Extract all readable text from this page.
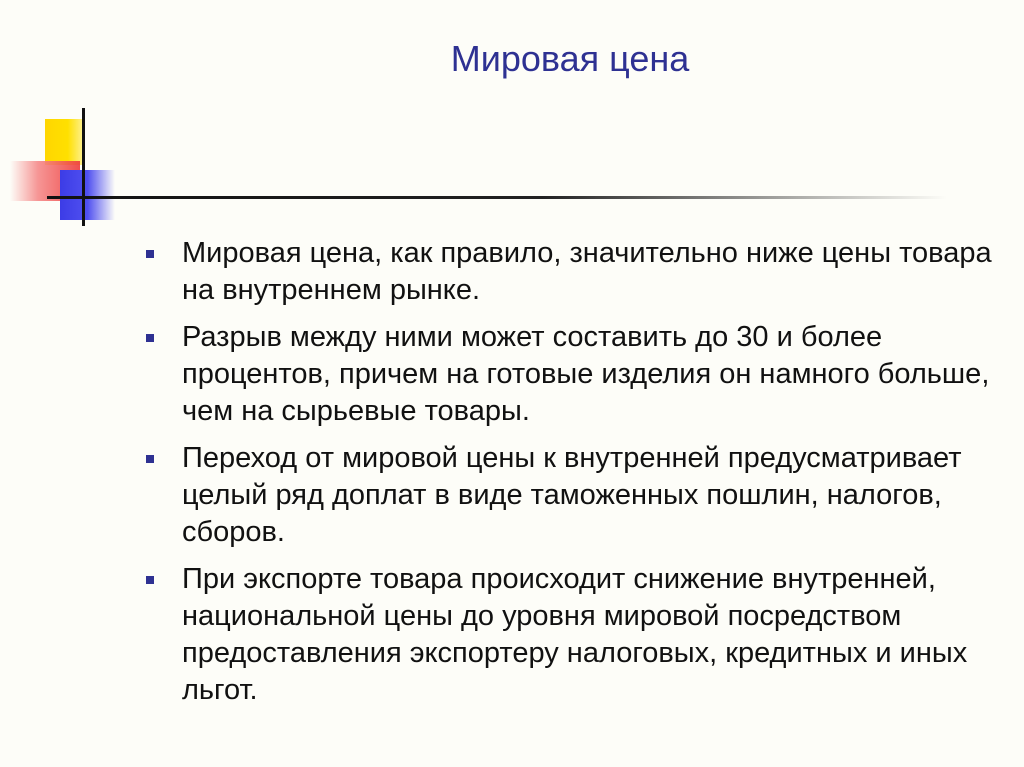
Мировая цена
Мировая цена, как правило, значительно ниже цены товара на внутреннем рынке.
Разрыв между ними может составить до 30 и более процентов, причем на готовые изделия он намного больше, чем на сырьевые товары.
Переход от мировой цены к внутренней предусматривает целый ряд доплат в виде таможенных пошлин, налогов, сборов.
При экспорте товара происходит снижение внутренней, национальной цены до уровня мировой посредством предоставления экспортеру налоговых, кредитных и иных льгот.
